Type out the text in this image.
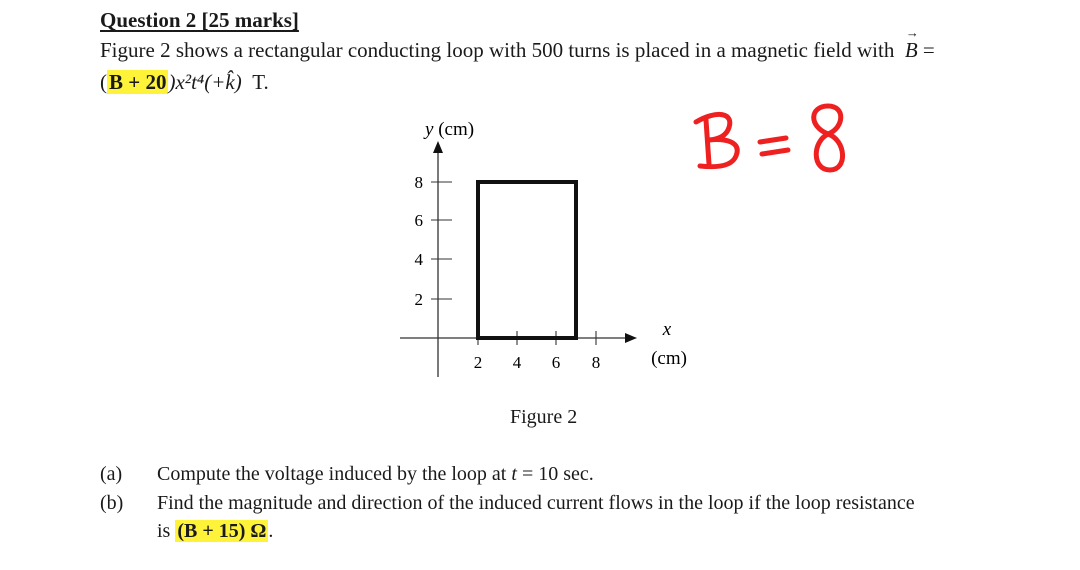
Question 2 [25 marks]
Figure 2 shows a rectangular conducting loop with 500 turns is placed in a magnetic field with  → B =
(B + 20)x²t⁴(+k̂) T.
8
6
4
2
2 4 6 8
y (cm)
x
(cm)
Figure 2
(a) Compute the voltage induced by the loop at t = 10 sec.
(b) Find the magnitude and direction of the induced current flows in the loop if the loop resistance
is (B + 15) Ω .
